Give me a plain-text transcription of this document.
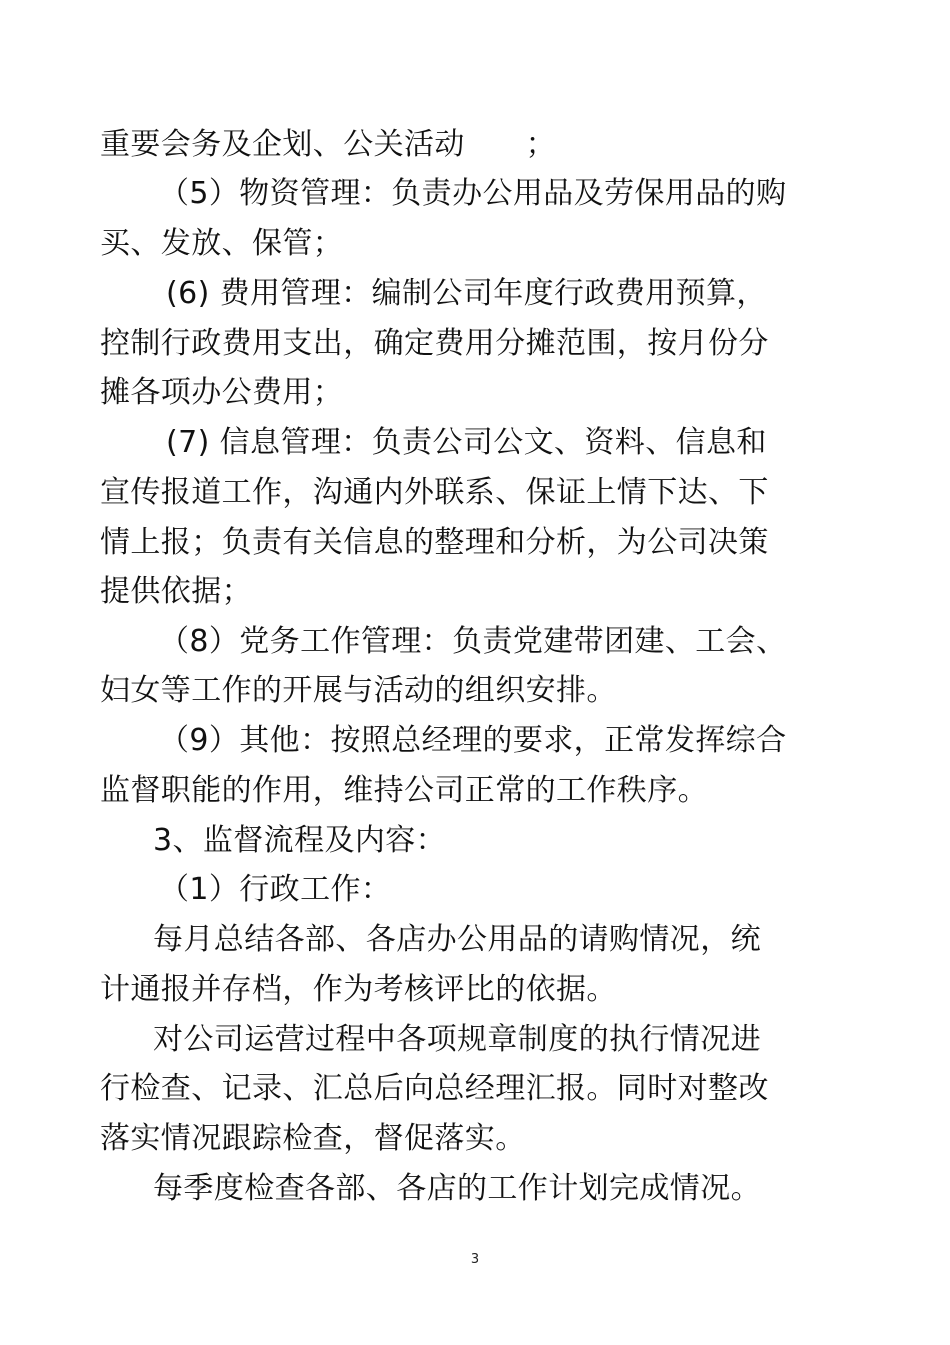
重要会务及企划、公关活动　　；
（5）物资管理：负责办公用品及劳保用品的购
买、发放、保管；
(6) 费用管理：编制公司年度行政费用预算，
控制行政费用支出，确定费用分摊范围，按月份分
摊各项办公费用；
(7) 信息管理：负责公司公文、资料、信息和
宣传报道工作，沟通内外联系、保证上情下达、下
情上报；负责有关信息的整理和分析，为公司决策
提供依据；
（8）党务工作管理：负责党建带团建、工会、
妇女等工作的开展与活动的组织安排。
（9）其他：按照总经理的要求，正常发挥综合
监督职能的作用，维持公司正常的工作秩序。
3、监督流程及内容：
（1）行政工作：
每月总结各部、各店办公用品的请购情况，统
计通报并存档，作为考核评比的依据。
对公司运营过程中各项规章制度的执行情况进
行检查、记录、汇总后向总经理汇报。同时对整改
落实情况跟踪检查，督促落实。
每季度检查各部、各店的工作计划完成情况。
3
